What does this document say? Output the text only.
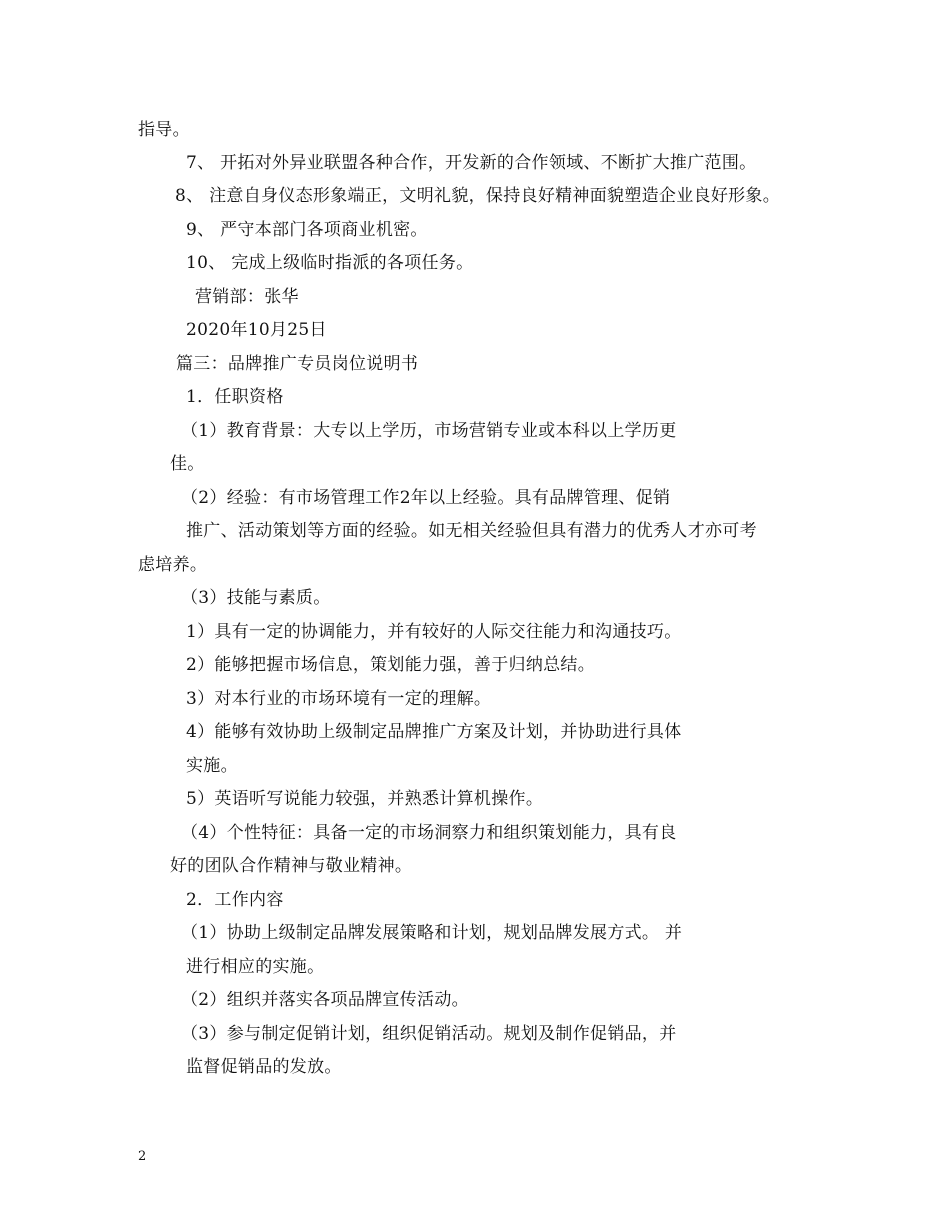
指导。
7、 开拓对外异业联盟各种合作，开发新的合作领域、不断扩大推广范围。
8、 注意自身仪态形象端正，文明礼貌，保持良好精神面貌塑造企业良好形象。
9、 严守本部门各项商业机密。
10、 完成上级临时指派的各项任务。
营销部：张华
2020年10月25日
篇三：品牌推广专员岗位说明书
1．任职资格
（1）教育背景：大专以上学历，市场营销专业或本科以上学历更
佳。
（2）经验：有市场管理工作2年以上经验。具有品牌管理、促销
推广、活动策划等方面的经验。如无相关经验但具有潜力的优秀人才亦可考
虑培养。
（3）技能与素质。
1）具有一定的协调能力，并有较好的人际交往能力和沟通技巧。
2）能够把握市场信息，策划能力强，善于归纳总结。
3）对本行业的市场环境有一定的理解。
4）能够有效协助上级制定品牌推广方案及计划，并协助进行具体
实施。
5）英语听写说能力较强，并熟悉计算机操作。
（4）个性特征：具备一定的市场洞察力和组织策划能力，具有良
好的团队合作精神与敬业精神。
2．工作内容
（1）协助上级制定品牌发展策略和计划，规划品牌发展方式。 并
进行相应的实施。
（2）组织并落实各项品牌宣传活动。
（3）参与制定促销计划，组织促销活动。规划及制作促销品，并
监督促销品的发放。
2
